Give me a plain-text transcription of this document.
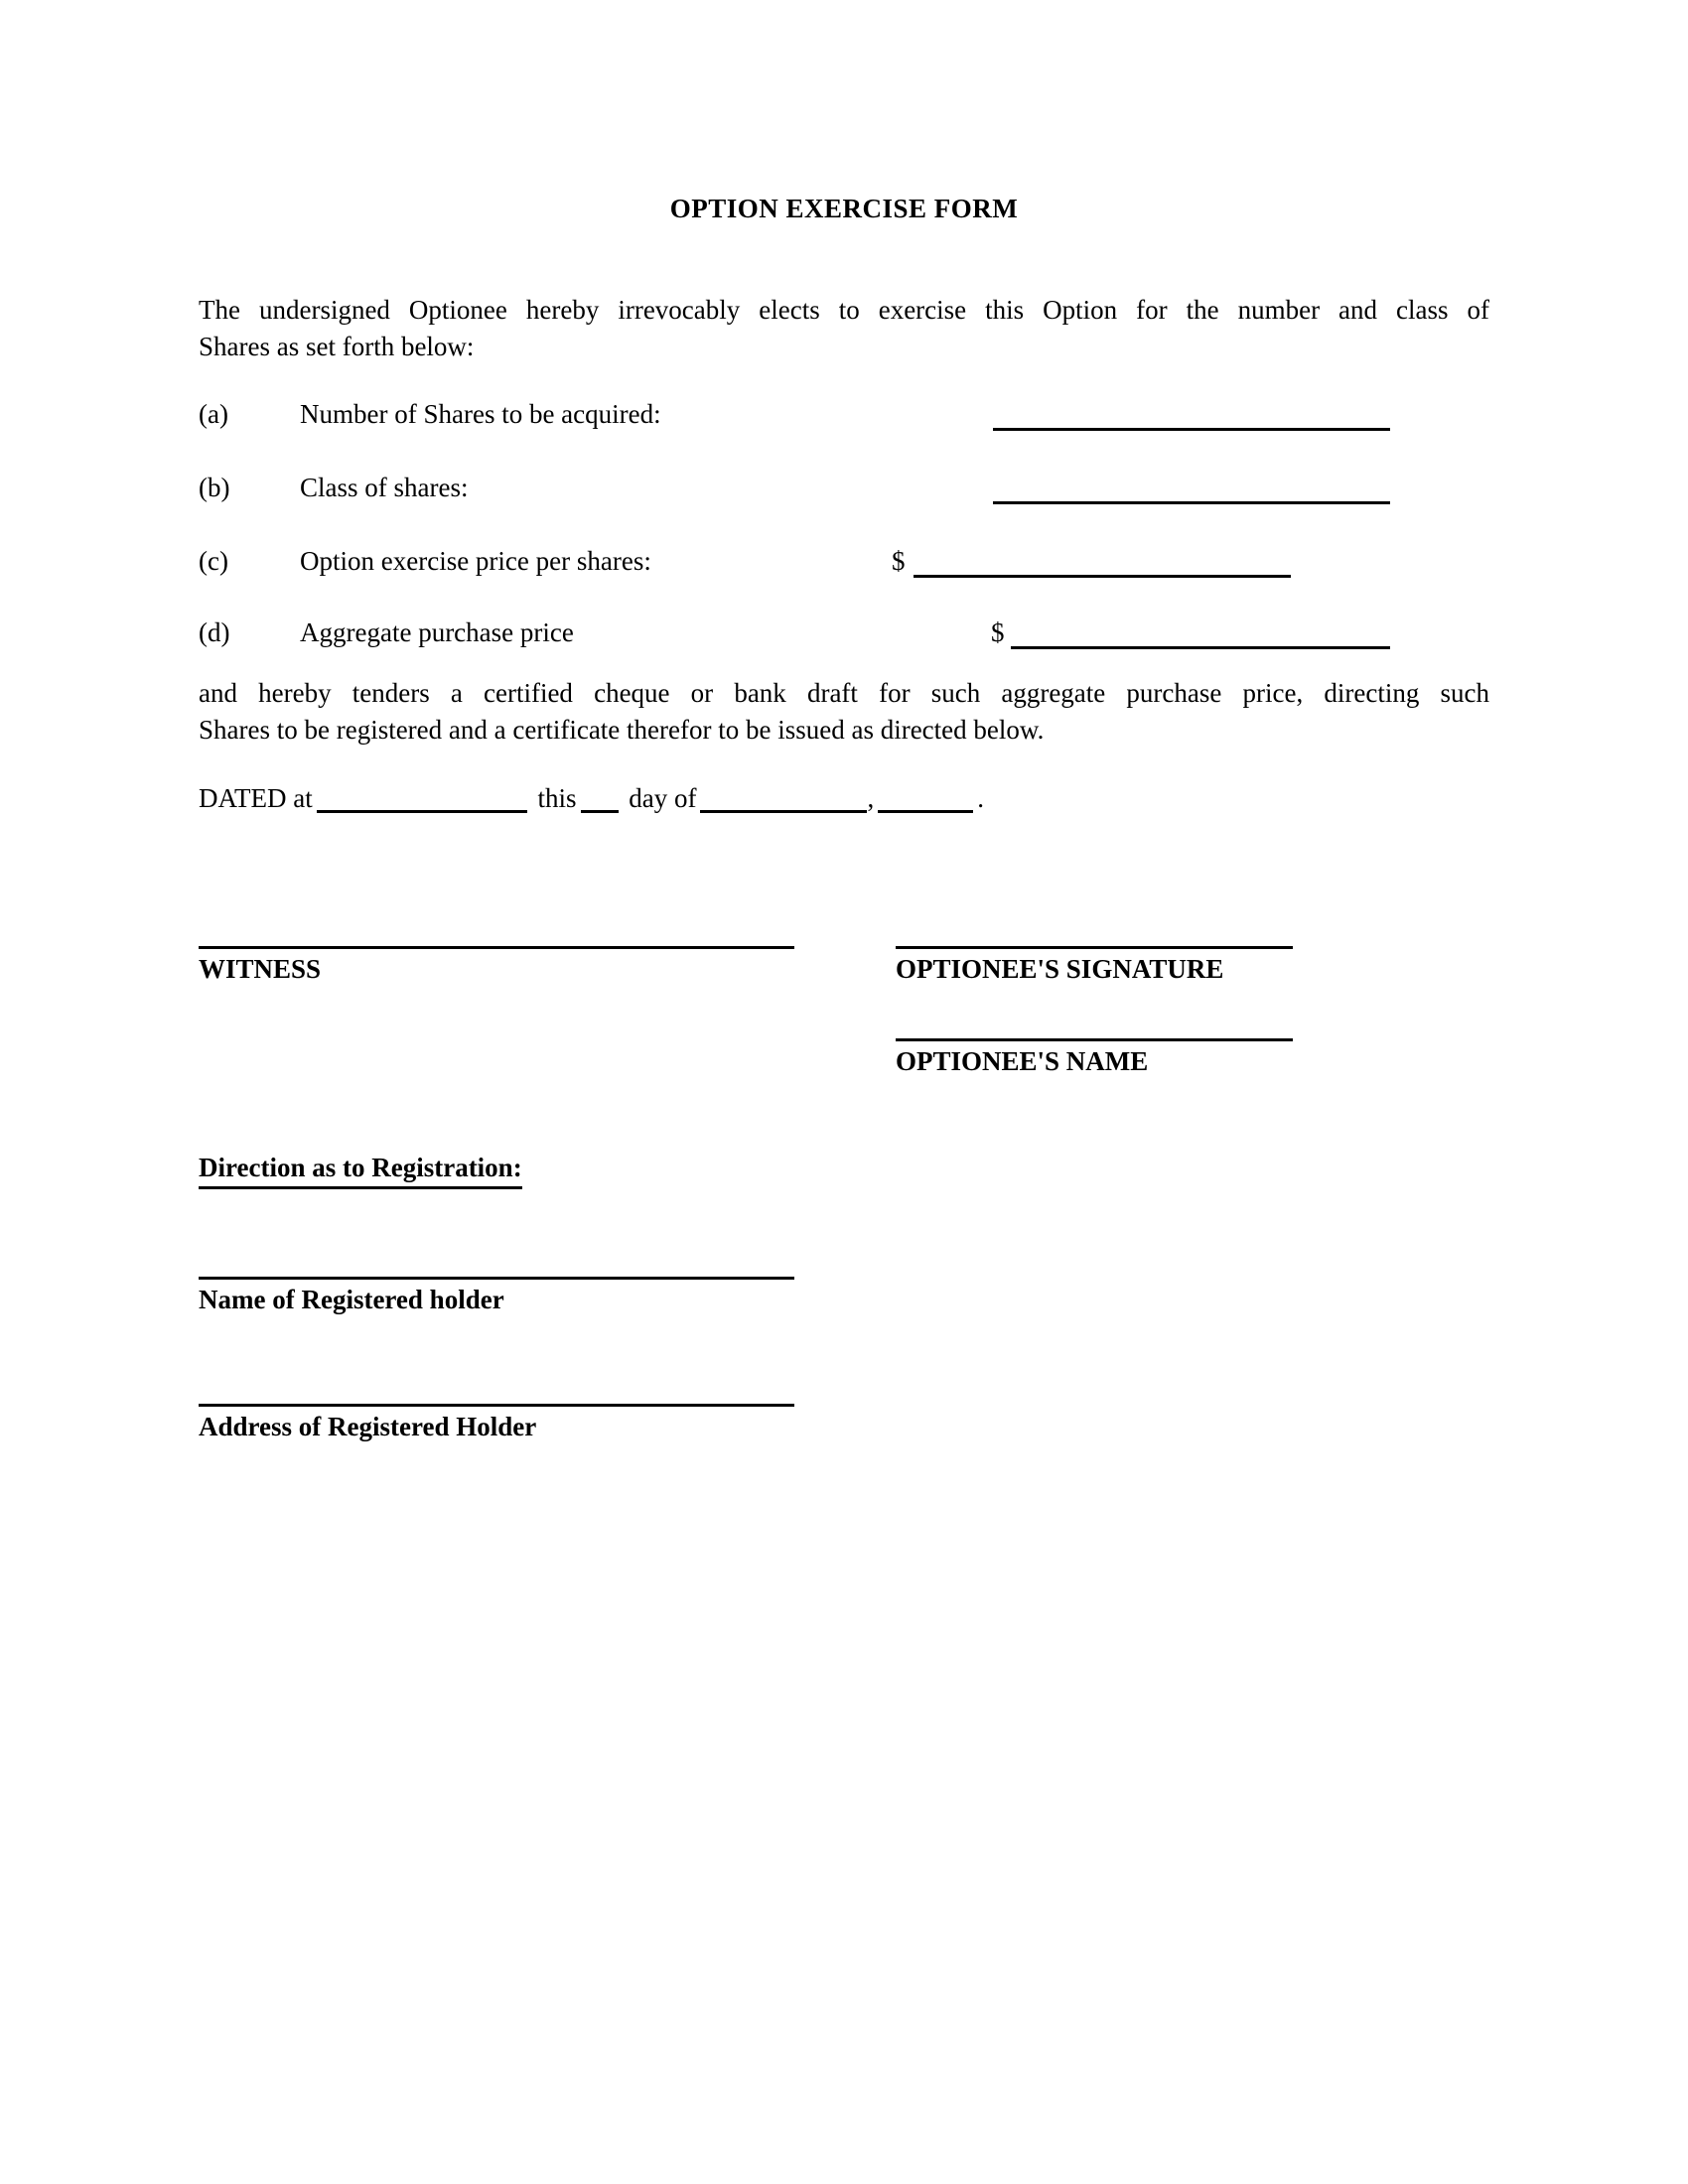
OPTION EXERCISE FORM
The undersigned Optionee hereby irrevocably elects to exercise this Option for the number and class of
Shares as set forth below:
(a)	Number of Shares to be acquired:
(b)	Class of shares:
(c)	Option exercise price per shares:	$
(d)	Aggregate purchase price	$
and hereby tenders a certified cheque or bank draft for such aggregate purchase price, directing such
Shares to be registered and a certificate therefor to be issued as directed below.
DATED at	this day of	,	.
WITNESS	OPTIONEE'S SIGNATURE
OPTIONEE'S NAME
Direction as to Registration:
Name of Registered holder
Address of Registered Holder
